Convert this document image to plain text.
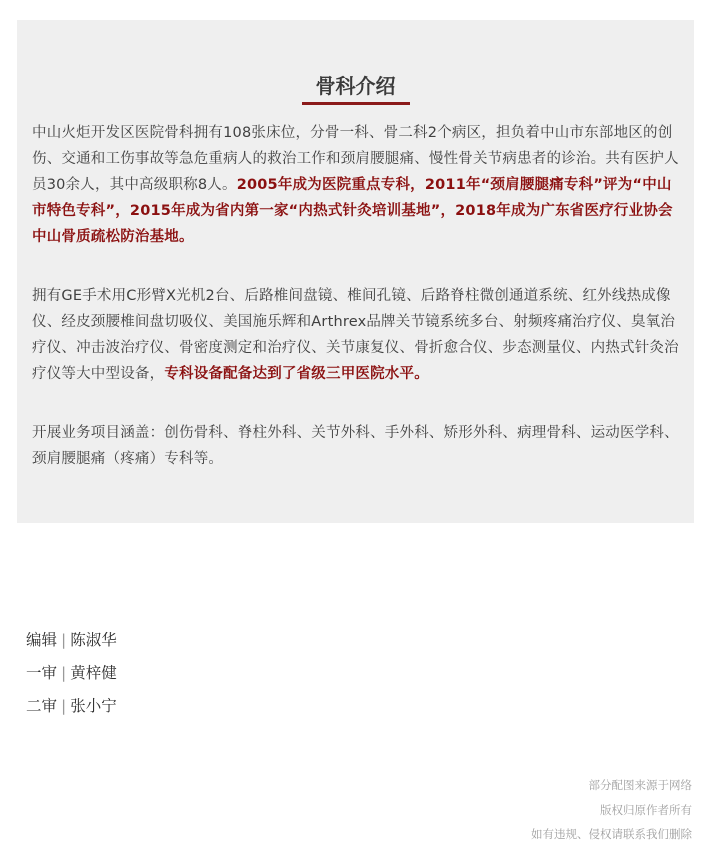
骨科介绍

中山火炬开发区医院骨科拥有108张床位，分骨一科、骨二科2个病区，担负着中山市东部地区的创伤、交通和工伤事故等急危重病人的救治工作和颈肩腰腿痛、慢性骨关节病患者的诊治。共有医护人员30余人，其中高级职称8人。2005年成为医院重点专科，2011年“颈肩腰腿痛专科”评为“中山市特色专科”，2015年成为省内第一家“内热式针灸培训基地”，2018年成为广东省医疗行业协会中山骨质疏松防治基地。

拥有GE手术用C形臂X光机2台、后路椎间盘镜、椎间孔镜、后路脊柱微创通道系统、红外线热成像仪、经皮颈腰椎间盘切吸仪、美国施乐辉和Arthrex品牌关节镜系统多台、射频疼痛治疗仪、臭氧治疗仪、冲击波治疗仪、骨密度测定和治疗仪、关节康复仪、骨折愈合仪、步态测量仪、内热式针灸治疗仪等大中型设备，专科设备配备达到了省级三甲医院水平。

开展业务项目涵盖：创伤骨科、脊柱外科、关节外科、手外科、矫形外科、病理骨科、运动医学科、颈肩腰腿痛（疼痛）专科等。

编辑 | 陈淑华
一审 | 黄梓健
二审 | 张小宁
部分配图来源于网络
版权归原作者所有
如有违规、侵权请联系我们删除
